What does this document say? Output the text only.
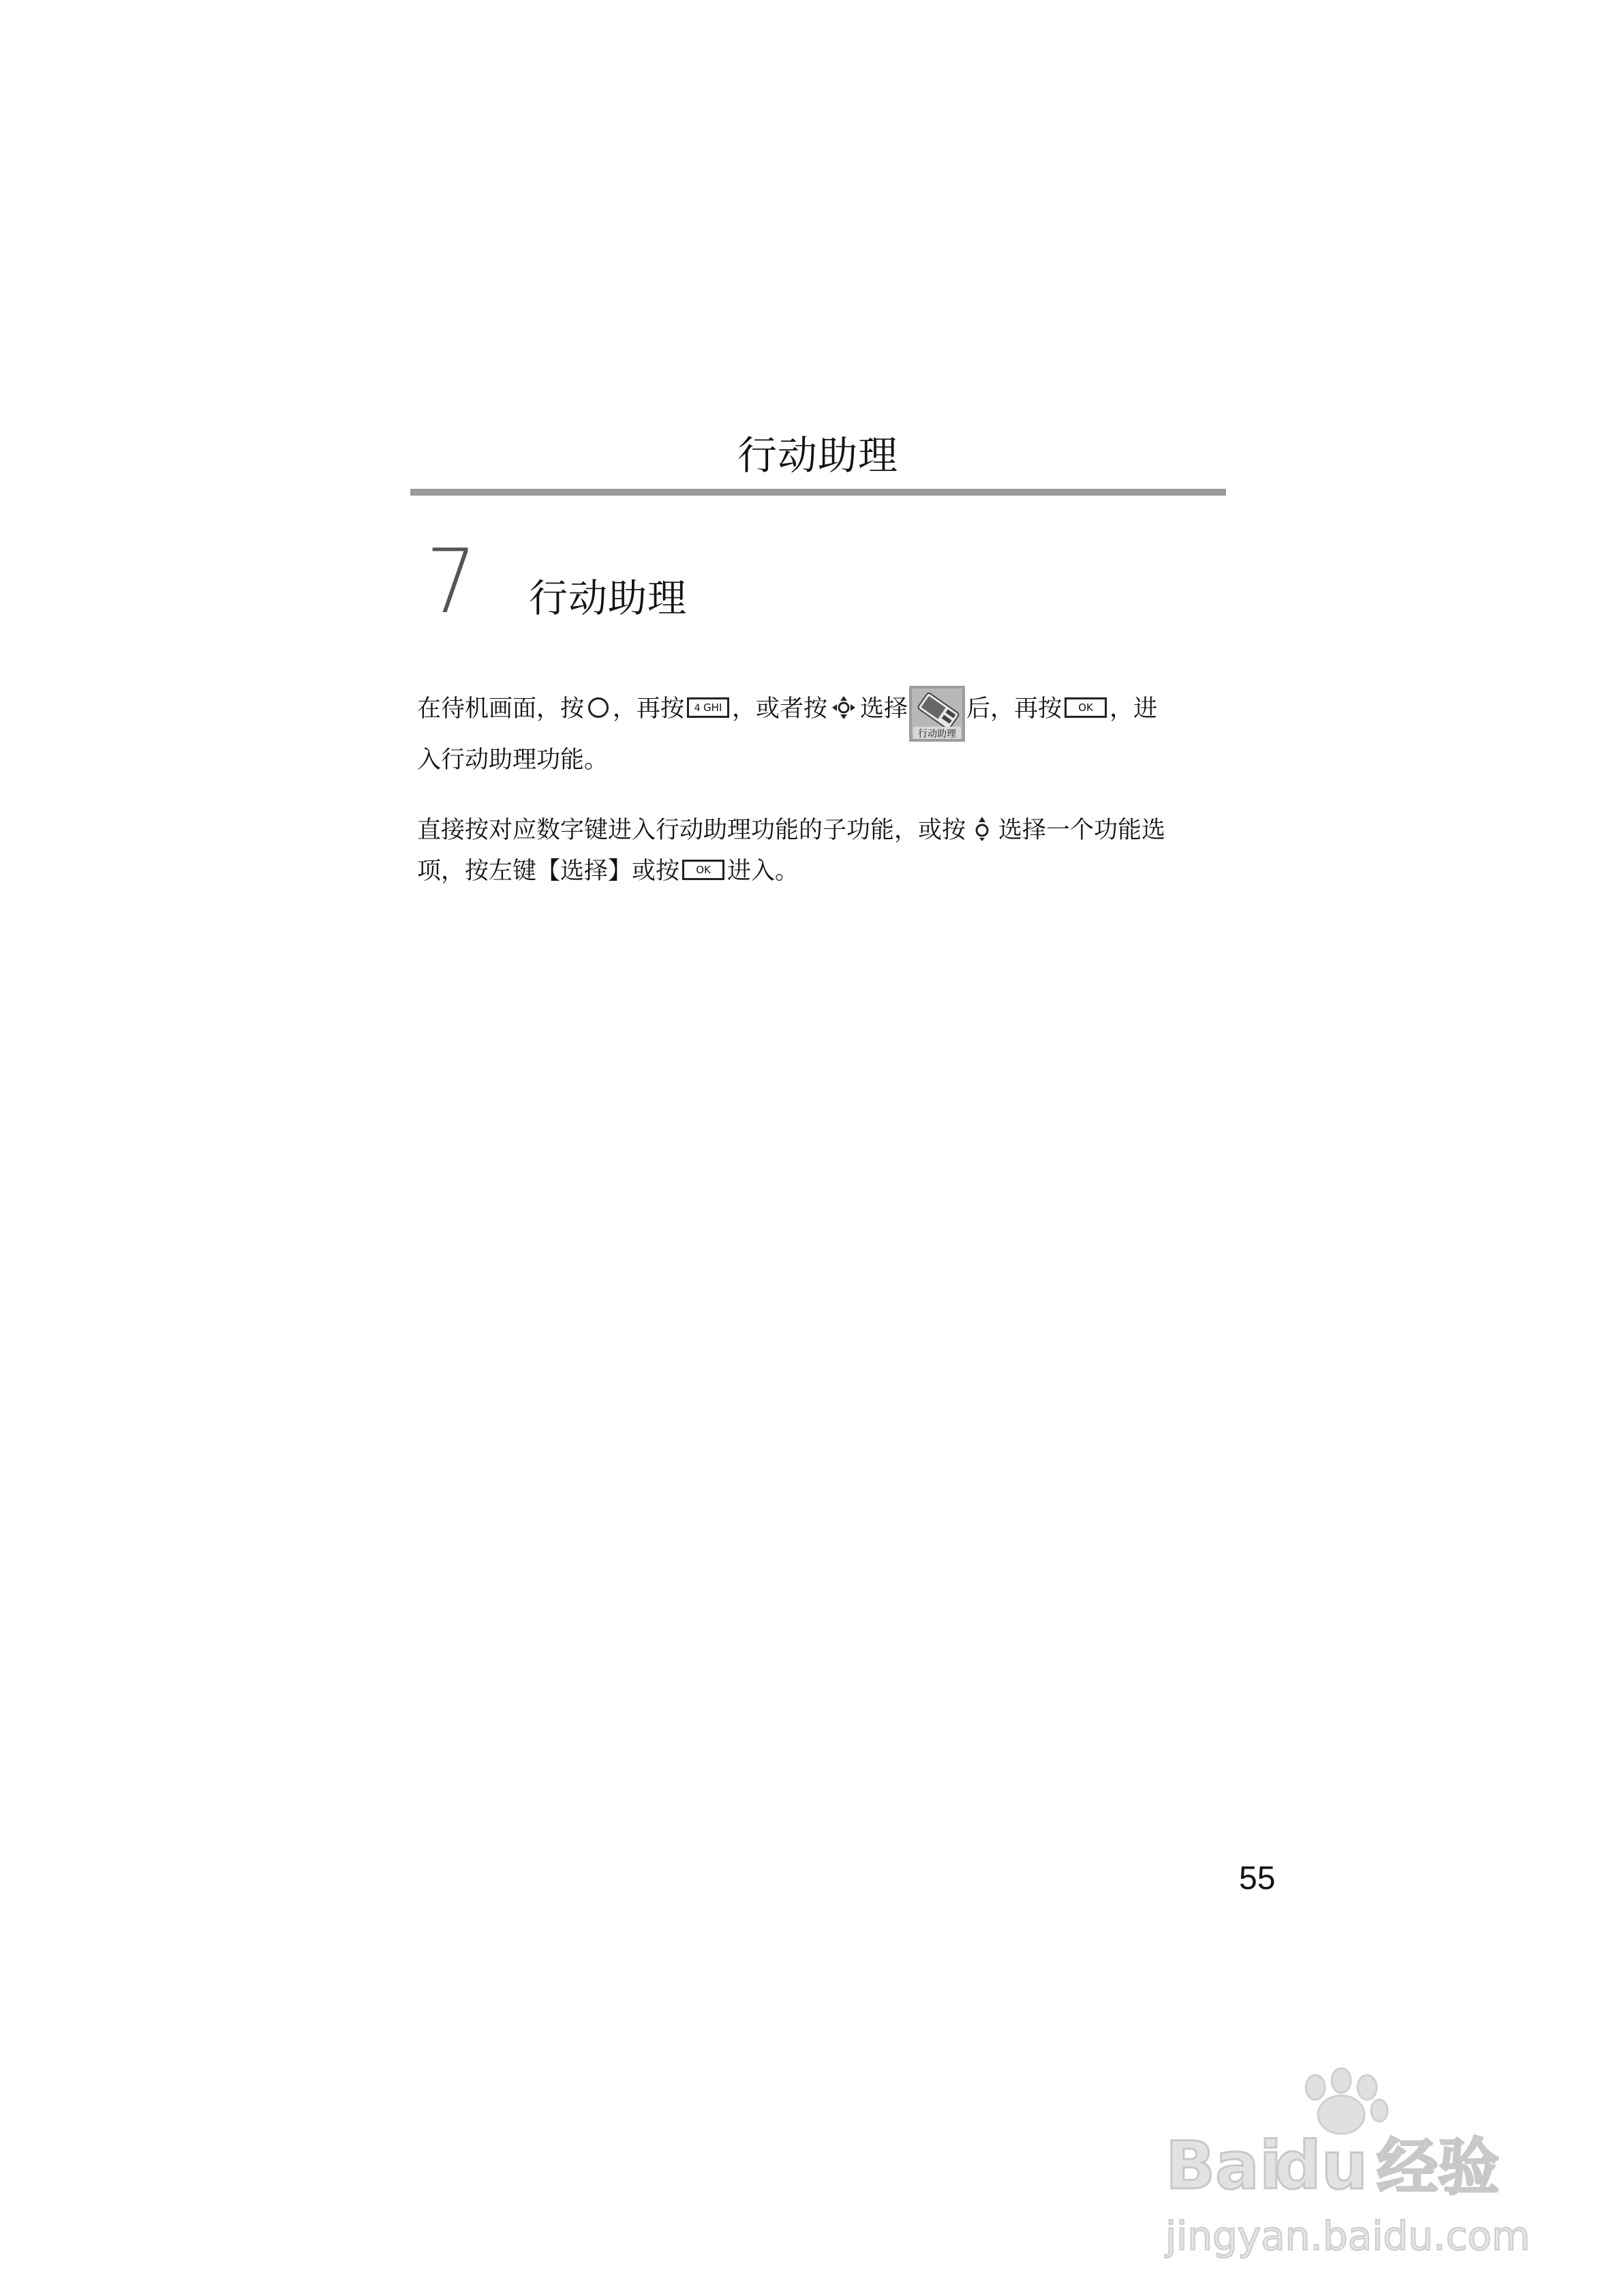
行动助理
7 行动助理
在待机画面，按 ，再按 4 GHI ，或者按 选择
行动助理
后，再按 OK ，进
入行动助理功能。
直接按对应数字键进入行动助理功能的子功能，或按 选择一个功能选
项，按左键【选择】或按 OK 进入。
55
Bai
du 经验
jingyan.baidu.com
